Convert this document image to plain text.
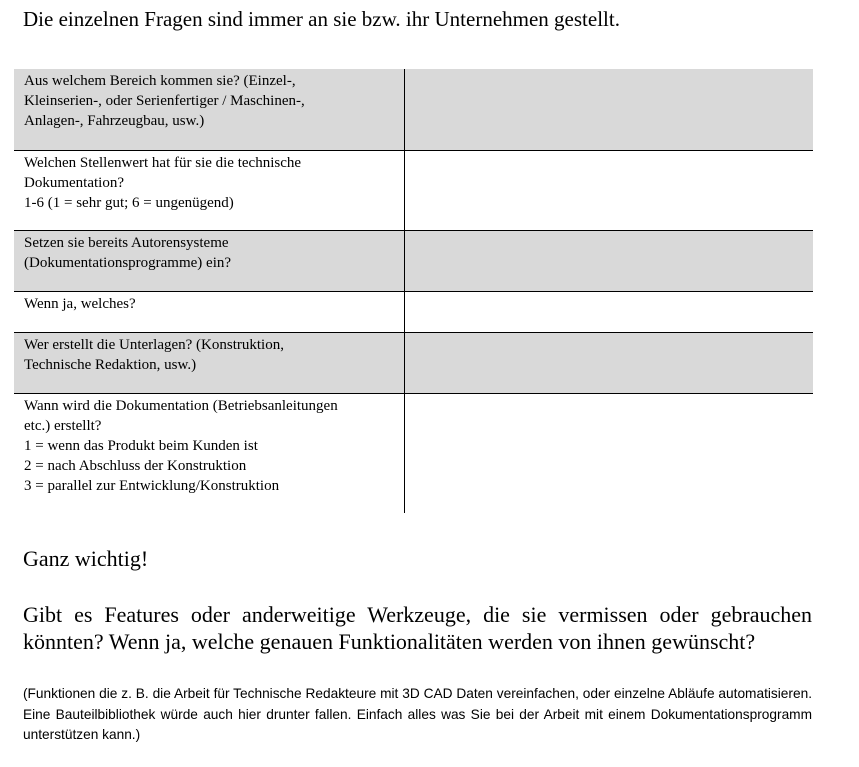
Die einzelnen Fragen sind immer an sie bzw. ihr Unternehmen gestellt.
Aus welchem Bereich kommen sie? (Einzel-,
Kleinserien-, oder Serienfertiger / Maschinen-,
Anlagen-, Fahrzeugbau, usw.)	

Welchen Stellenwert hat für sie die technische
Dokumentation?
1-6 (1 = sehr gut; 6 = ungenügend)	

Setzen sie bereits Autorensysteme
(Dokumentationsprogramme) ein?	

Wenn ja, welches?	

Wer erstellt die Unterlagen? (Konstruktion,
Technische Redaktion, usw.)	

Wann wird die Dokumentation (Betriebsanleitungen
etc.) erstellt?
1 = wenn das Produkt beim Kunden ist
2 = nach Abschluss der Konstruktion
3 = parallel zur Entwicklung/Konstruktion	

Ganz wichtig!
Gibt es Features oder anderweitige Werkzeuge, die sie vermissen oder gebrauchen könnten? Wenn ja, welche genauen Funktionalitäten werden von ihnen gewünscht?
(Funktionen die z. B. die Arbeit für Technische Redakteure mit 3D CAD Daten vereinfachen, oder einzelne Abläufe automatisieren. Eine Bauteilbibliothek würde auch hier drunter fallen. Einfach alles was Sie bei der Arbeit mit einem Dokumentationsprogramm unterstützen kann.)
